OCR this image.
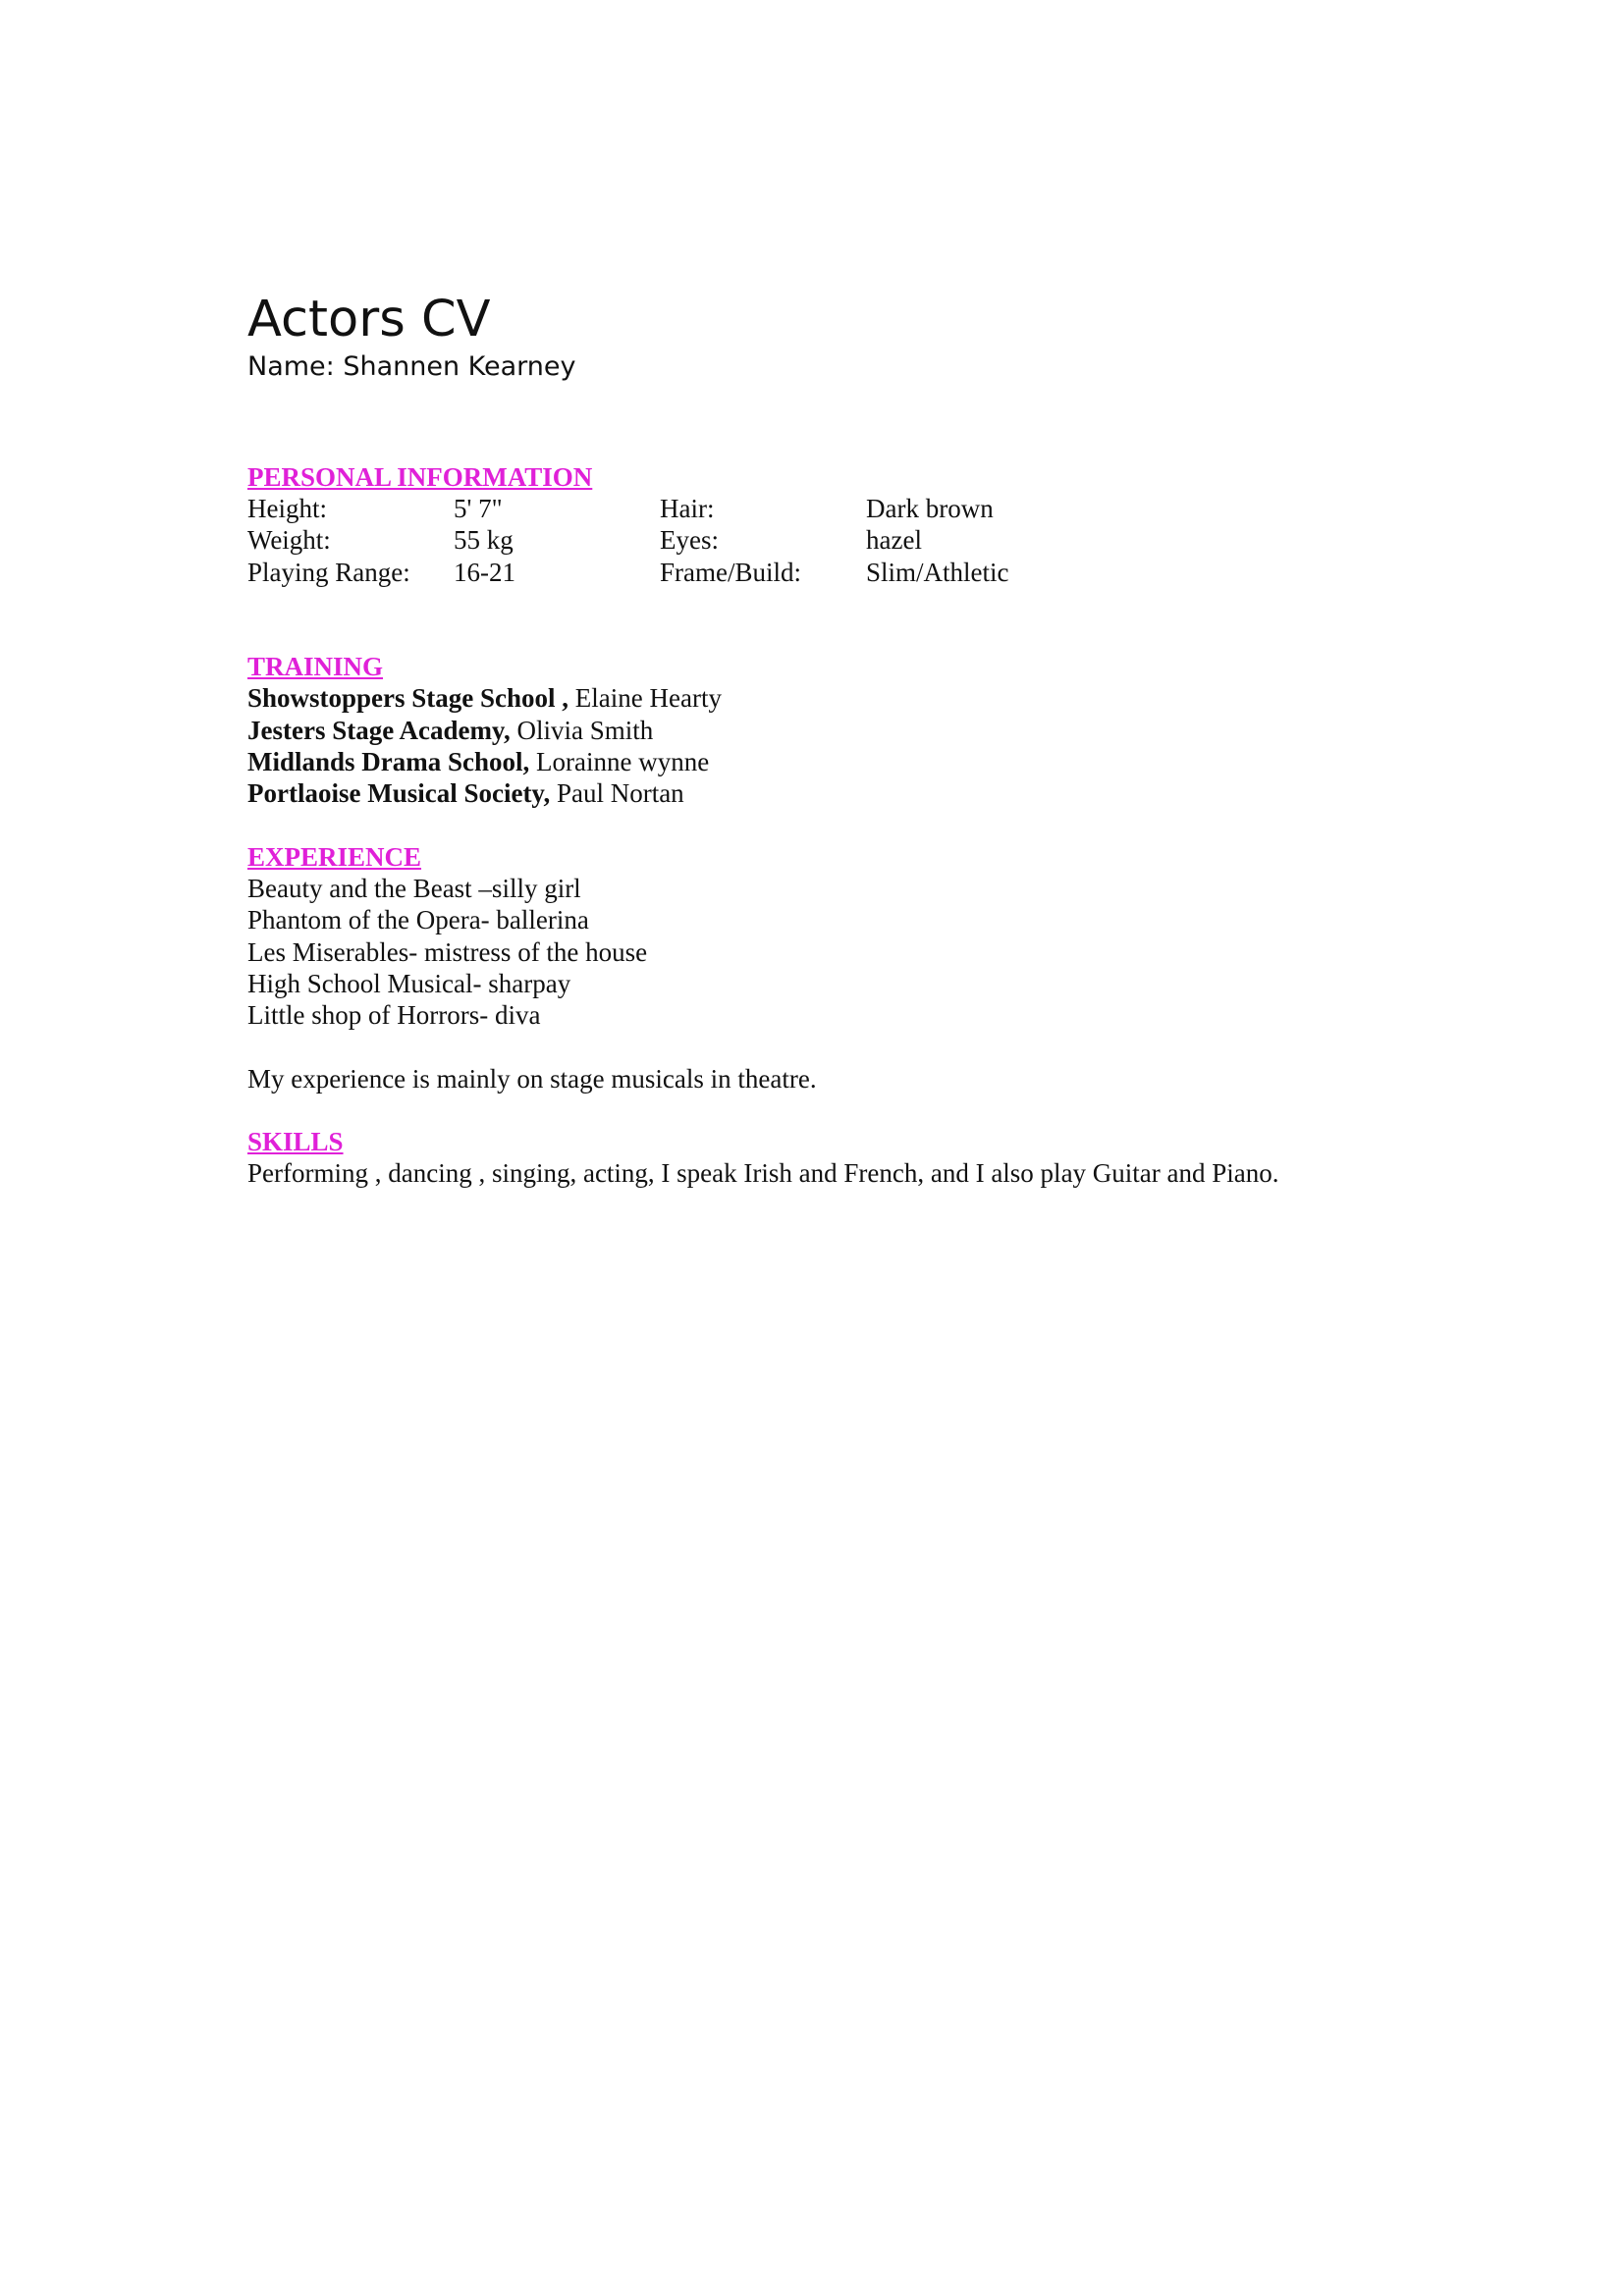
Actors CV
Name: Shannen Kearney
PERSONAL INFORMATION
Height:	5' 7"	Hair:	Dark brown
Weight:	55 kg	Eyes:	hazel
Playing Range: 16-21	Frame/Build: Slim/Athletic
TRAINING
Showstoppers Stage School , Elaine Hearty
Jesters Stage Academy, Olivia Smith
Midlands Drama School, Lorainne wynne
Portlaoise Musical Society, Paul Nortan
EXPERIENCE
Beauty and the Beast –silly girl
Phantom of the Opera- ballerina
Les Miserables- mistress of the house
High School Musical- sharpay
Little shop of Horrors- diva
My experience is mainly on stage musicals in theatre.
SKILLS
Performing , dancing , singing, acting, I speak Irish and French, and I also play Guitar and Piano.
